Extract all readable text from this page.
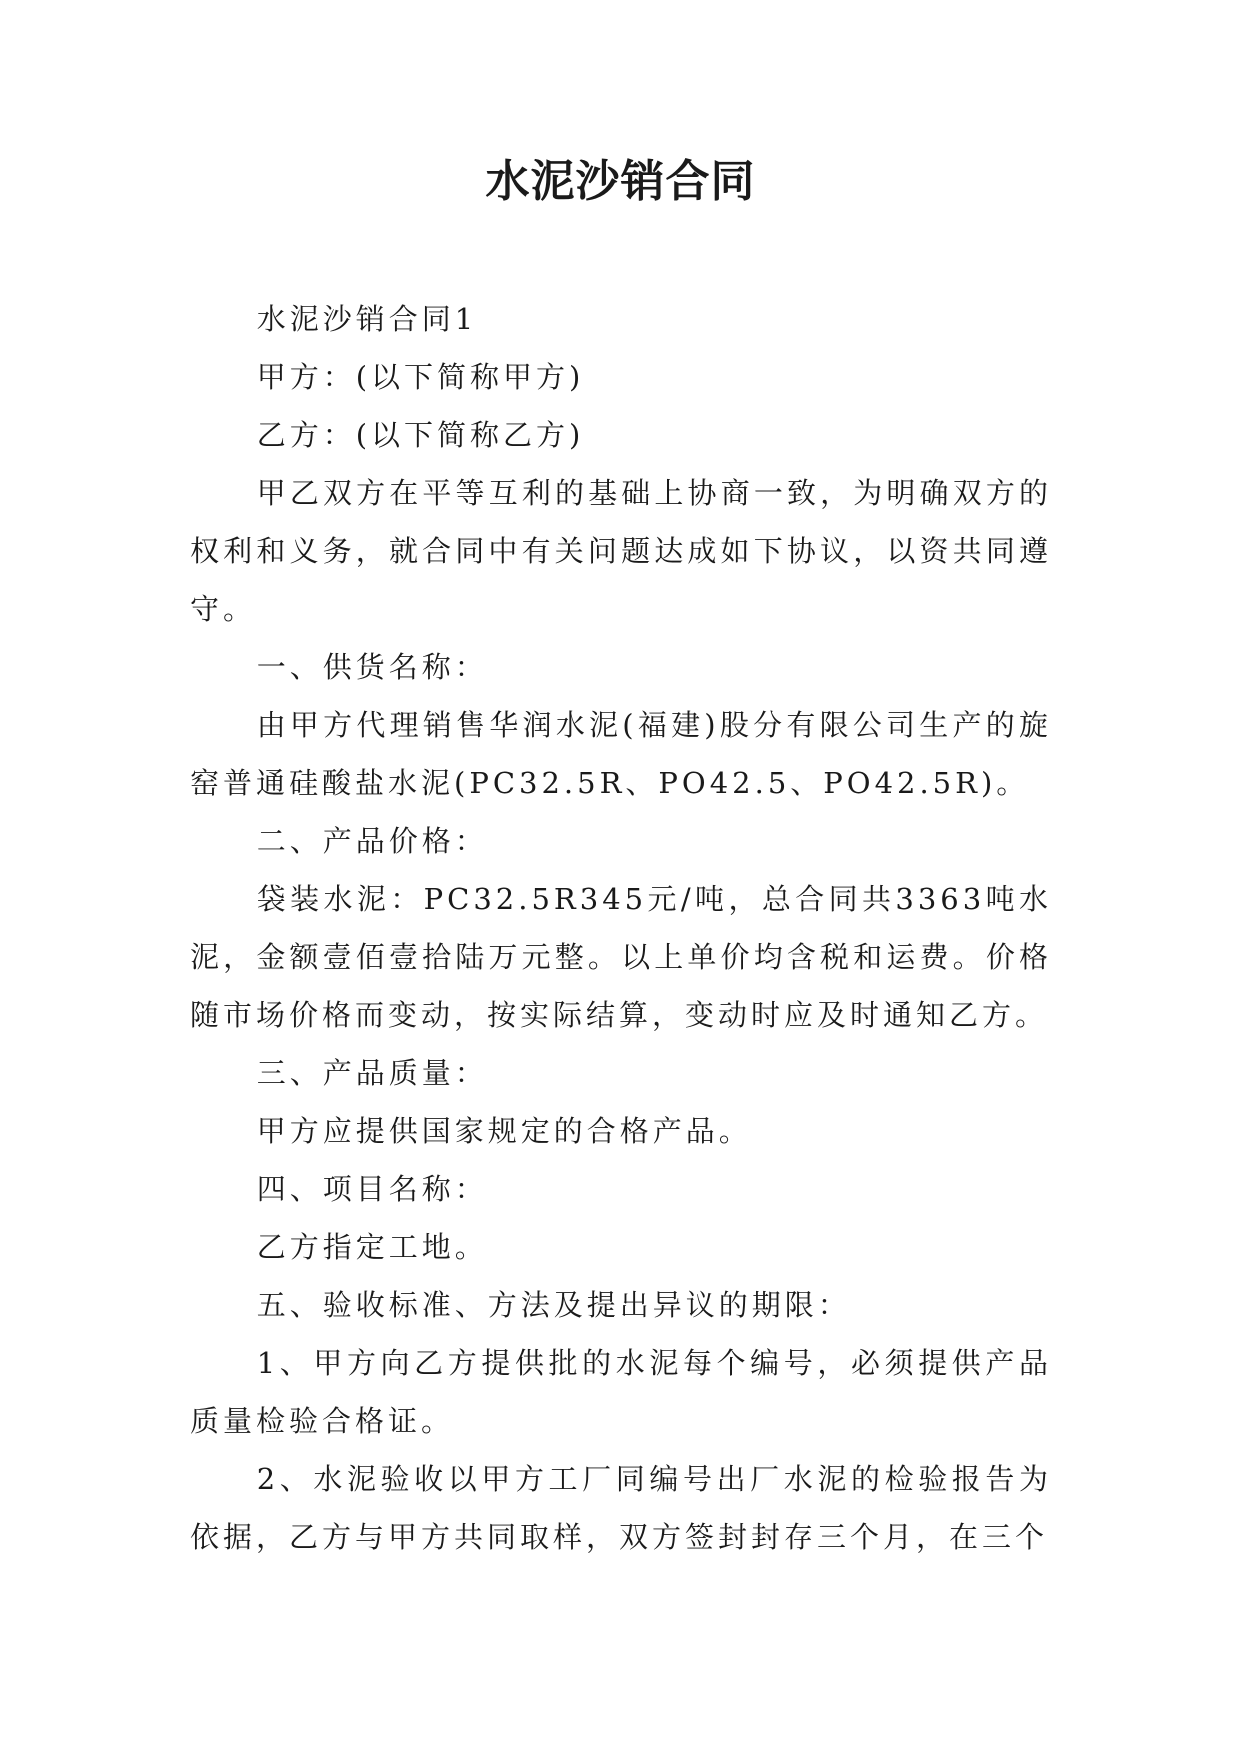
水泥沙销合同

水泥沙销合同1

甲方：(以下简称甲方)

乙方：(以下简称乙方)

甲乙双方在平等互利的基础上协商一致，为明确双方的权利和义务，就合同中有关问题达成如下协议，以资共同遵守。

一、供货名称：

由甲方代理销售华润水泥(福建)股分有限公司生产的旋窑普通硅酸盐水泥(PC32.5R、PO42.5、PO42.5R)。

二、产品价格：

袋装水泥：PC32.5R345元/吨，总合同共3363吨水泥，金额壹佰壹拾陆万元整。以上单价均含税和运费。价格随市场价格而变动，按实际结算，变动时应及时通知乙方。

三、产品质量：

甲方应提供国家规定的合格产品。

四、项目名称：

乙方指定工地。

五、验收标准、方法及提出异议的期限：

1、甲方向乙方提供批的水泥每个编号，必须提供产品质量检验合格证。

2、水泥验收以甲方工厂同编号出厂水泥的检验报告为依据，乙方与甲方共同取样，双方签封封存三个月，在三个
